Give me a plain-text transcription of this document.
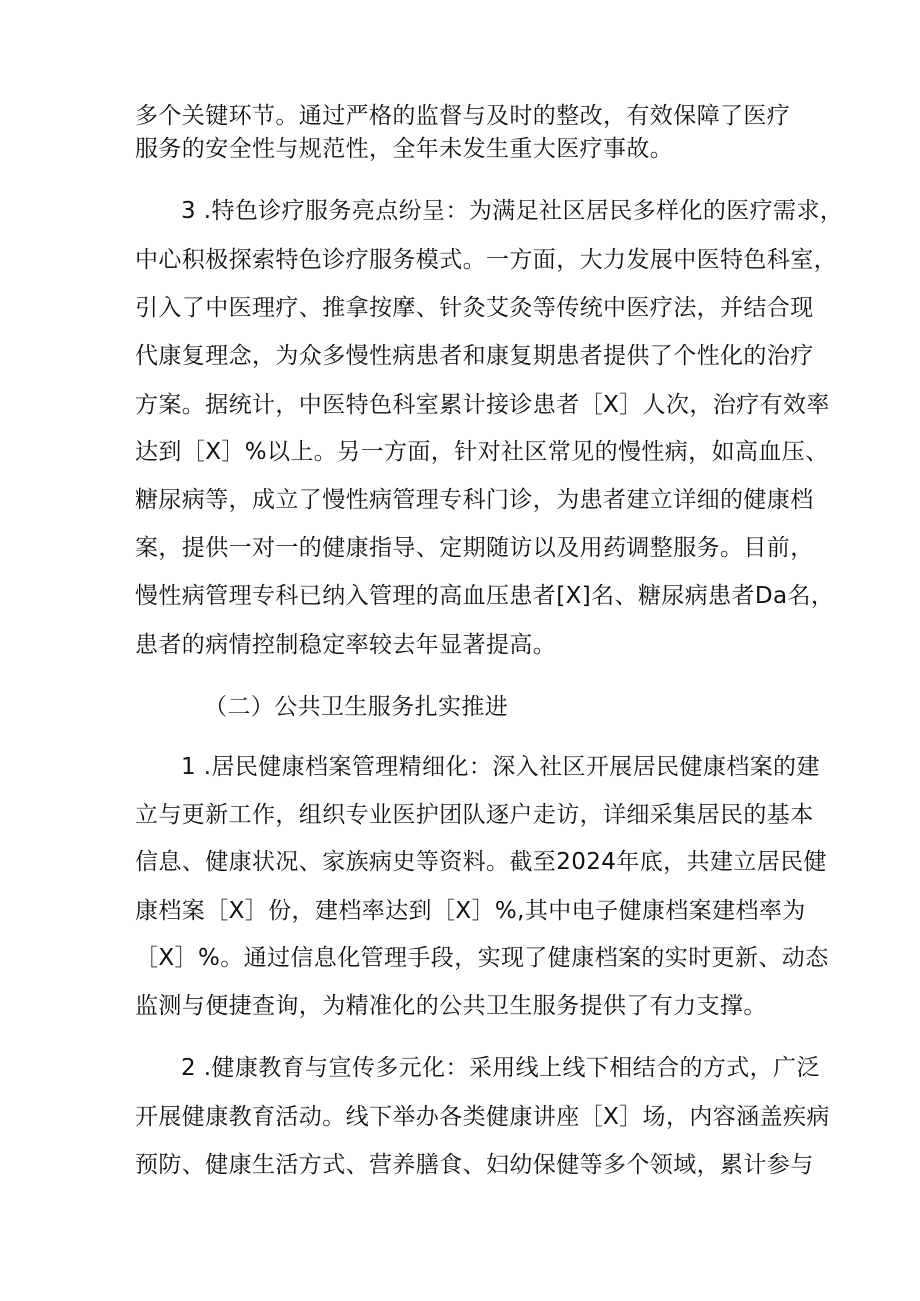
多个关键环节。通过严格的监督与及时的整改，有效保障了医疗
服务的安全性与规范性，全年未发生重大医疗事故。
3 .特色诊疗服务亮点纷呈：为满足社区居民多样化的医疗需求，
中心积极探索特色诊疗服务模式。一方面，大力发展中医特色科室，
引入了中医理疗、推拿按摩、针灸艾灸等传统中医疗法，并结合现
代康复理念，为众多慢性病患者和康复期患者提供了个性化的治疗
方案。据统计，中医特色科室累计接诊患者［X］人次，治疗有效率
达到［X］%以上。另一方面，针对社区常见的慢性病，如高血压、
糖尿病等，成立了慢性病管理专科门诊，为患者建立详细的健康档
案，提供一对一的健康指导、定期随访以及用药调整服务。目前，
慢性病管理专科已纳入管理的高血压患者[X]名、糖尿病患者Da名，
患者的病情控制稳定率较去年显著提高。
（二）公共卫生服务扎实推进
1 .居民健康档案管理精细化：深入社区开展居民健康档案的建
立与更新工作，组织专业医护团队逐户走访，详细采集居民的基本
信息、健康状况、家族病史等资料。截至2024年底，共建立居民健
康档案［X］份，建档率达到［X］%,其中电子健康档案建档率为
［X］%。通过信息化管理手段，实现了健康档案的实时更新、动态
监测与便捷查询，为精准化的公共卫生服务提供了有力支撑。
2 .健康教育与宣传多元化：采用线上线下相结合的方式，广泛
开展健康教育活动。线下举办各类健康讲座［X］场，内容涵盖疾病
预防、健康生活方式、营养膳食、妇幼保健等多个领域，累计参与
